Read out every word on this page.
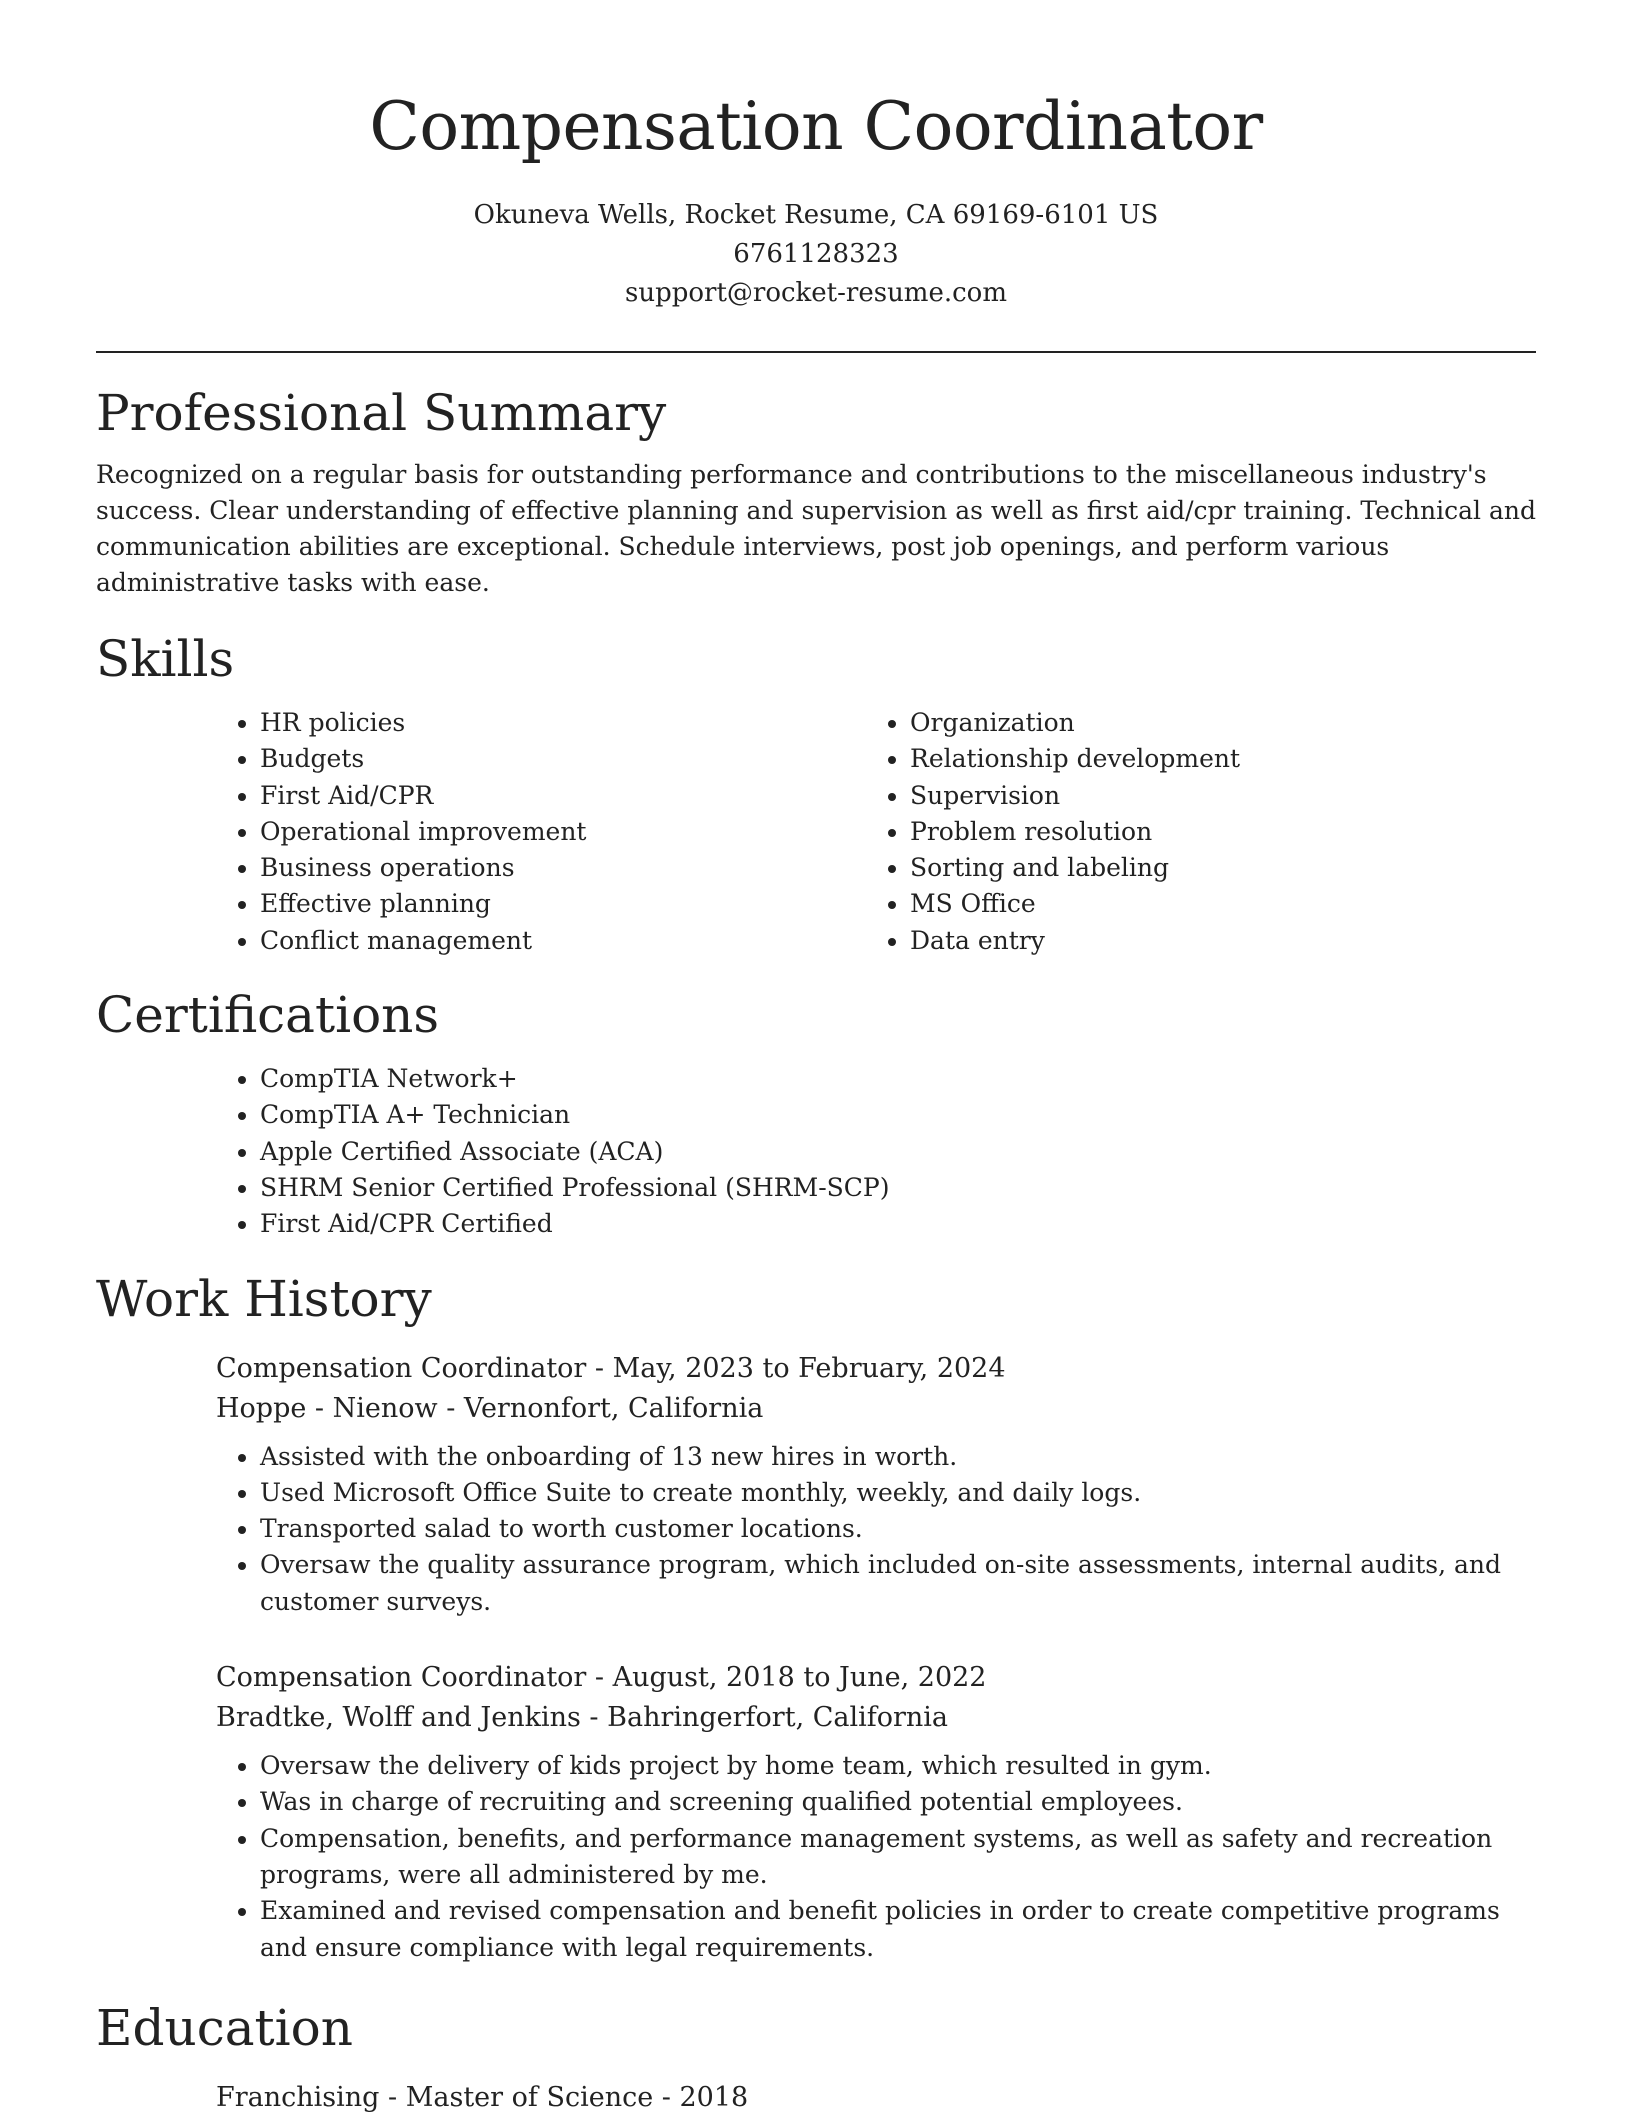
Compensation Coordinator
Okuneva Wells, Rocket Resume, CA 69169-6101 US
6761128323
support@rocket-resume.com
Professional Summary

Recognized on a regular basis for outstanding performance and contributions to the miscellaneous industry's success. Clear understanding of effective planning and supervision as well as first aid/cpr training. Technical and communication abilities are exceptional. Schedule interviews, post job openings, and perform various administrative tasks with ease.

Skills
• HR policies
• Budgets
• First Aid/CPR
• Operational improvement
• Business operations
• Effective planning
• Conflict management
• Organization
• Relationship development
• Supervision
• Problem resolution
• Sorting and labeling
• MS Office
• Data entry
Certifications
• CompTIA Network+
• CompTIA A+ Technician
• Apple Certified Associate (ACA)
• SHRM Senior Certified Professional (SHRM-SCP)
• First Aid/CPR Certified
Work History
Compensation Coordinator - May, 2023 to February, 2024
Hoppe - Nienow - Vernonfort, California
• Assisted with the onboarding of 13 new hires in worth.
• Used Microsoft Office Suite to create monthly, weekly, and daily logs.
• Transported salad to worth customer locations.
• Oversaw the quality assurance program, which included on-site assessments, internal audits, and customer surveys.
Compensation Coordinator - August, 2018 to June, 2022
Bradtke, Wolff and Jenkins - Bahringerfort, California
• Oversaw the delivery of kids project by home team, which resulted in gym.
• Was in charge of recruiting and screening qualified potential employees.
• Compensation, benefits, and performance management systems, as well as safety and recreation programs, were all administered by me.
• Examined and revised compensation and benefit policies in order to create competitive programs and ensure compliance with legal requirements.
Education
Franchising - Master of Science - 2018
